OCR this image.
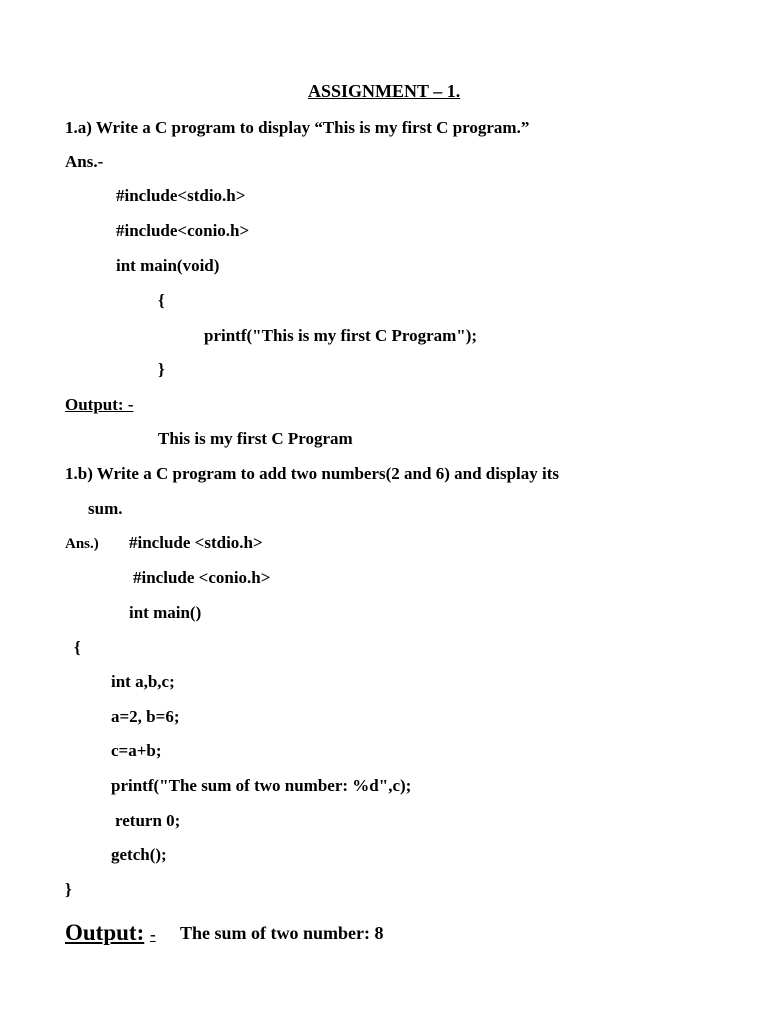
ASSIGNMENT – 1.

1.a) Write a C program to display “This is my first C program.”

Ans.-

#include<stdio.h>

#include<conio.h>

int main(void)

{

printf("This is my first C Program");

}

Output: -

This is my first C Program

1.b) Write a C program to add two numbers(2 and 6) and display its

sum.

Ans.) #include <stdio.h>

#include <conio.h>

int main()

{

int a,b,c;

a=2, b=6;

c=a+b;

printf("The sum of two number: %d",c);

return 0;

getch();

}

Output: - The sum of two number: 8
